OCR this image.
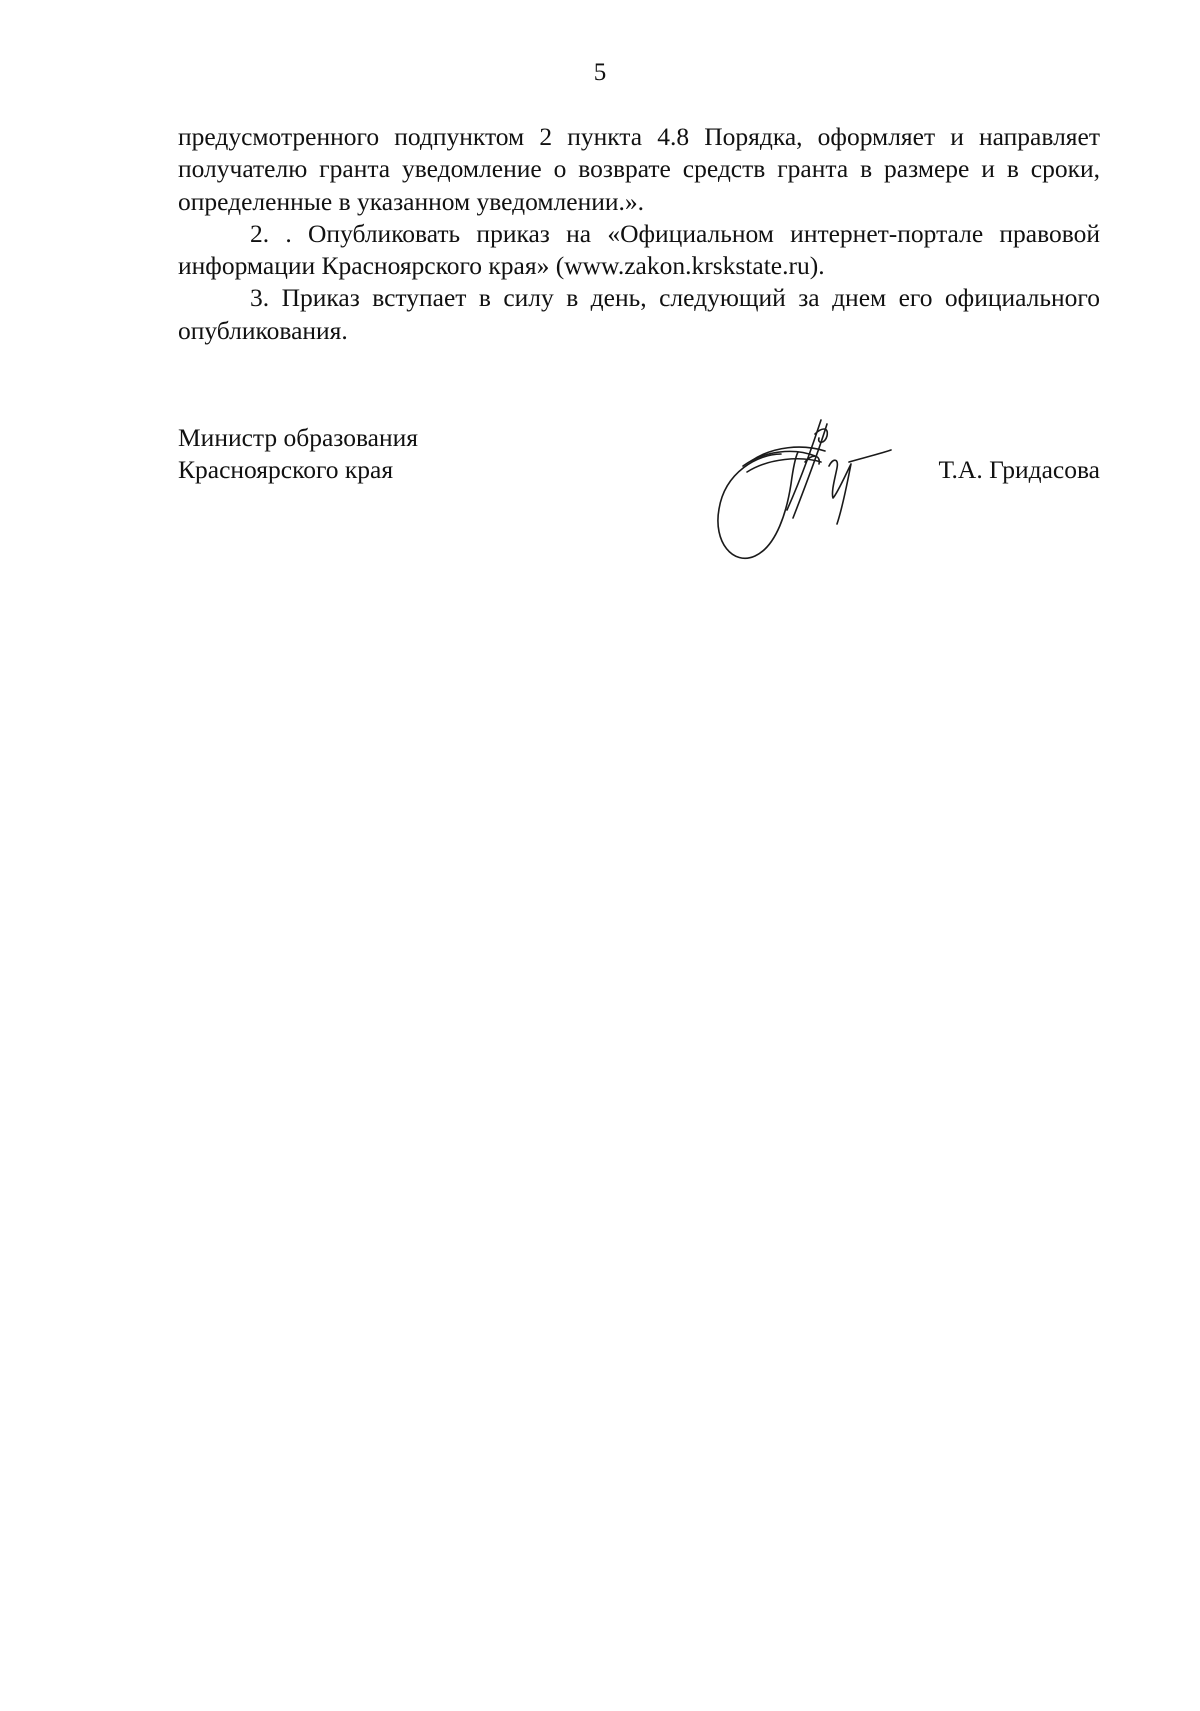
5

предусмотренного подпунктом 2 пункта 4.8 Порядка, оформляет и направляет получателю гранта уведомление о возврате средств гранта в размере и в сроки, определенные в указанном уведомлении.».

2. . Опубликовать приказ на «Официальном интернет-портале правовой информации Красноярского края» (www.zakon.krskstate.ru).

3. Приказ вступает в силу в день, следующий за днем его официального опубликования.

Министр образования
Красноярского края	Т.А. Гридасова
